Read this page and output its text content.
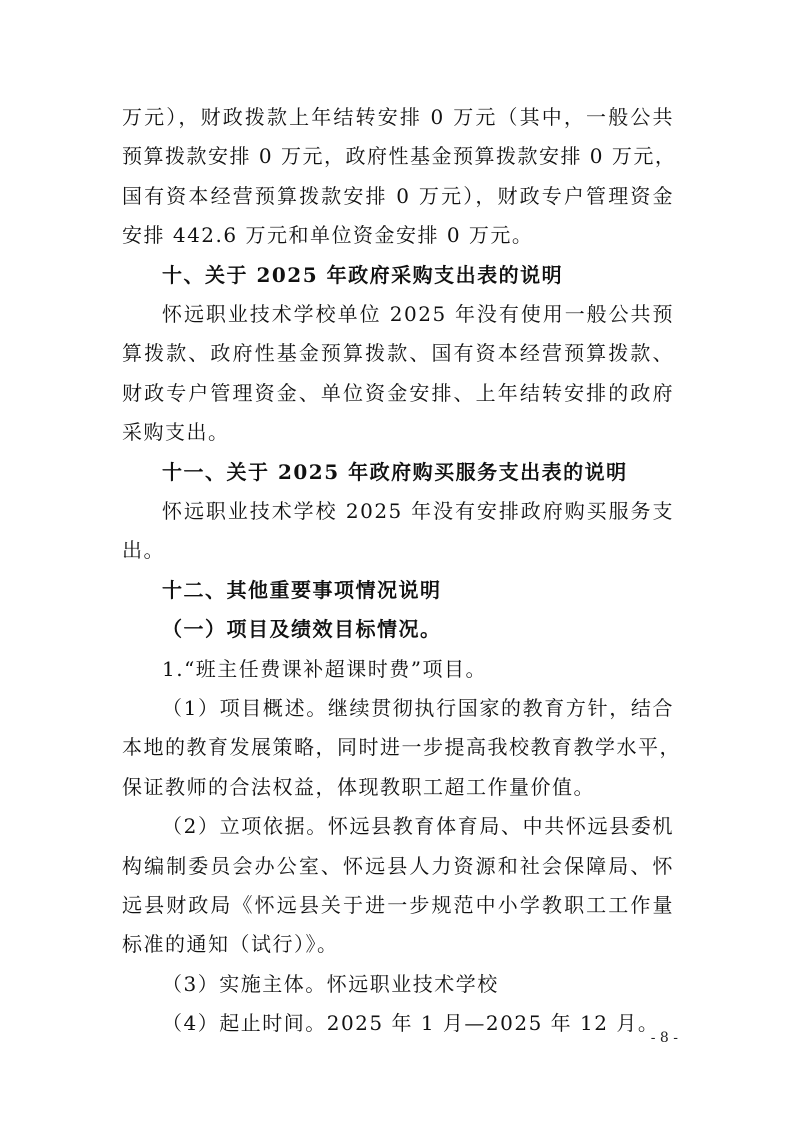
万元），财政拨款上年结转安排 0 万元（其中，一般公共
预算拨款安排 0 万元，政府性基金预算拨款安排 0 万元，
国有资本经营预算拨款安排 0 万元），财政专户管理资金
安排 442.6 万元和单位资金安排 0 万元。
十、关于 2025 年政府采购支出表的说明
怀远职业技术学校单位 2025 年没有使用一般公共预
算拨款、政府性基金预算拨款、国有资本经营预算拨款、
财政专户管理资金、单位资金安排、上年结转安排的政府
采购支出。
十一、关于 2025 年政府购买服务支出表的说明
怀远职业技术学校 2025 年没有安排政府购买服务支
出。
十二、其他重要事项情况说明
（一）项目及绩效目标情况。
1.“班主任费课补超课时费”项目。
（1）项目概述。继续贯彻执行国家的教育方针，结合
本地的教育发展策略，同时进一步提高我校教育教学水平，
保证教师的合法权益，体现教职工超工作量价值。
（2）立项依据。怀远县教育体育局、中共怀远县委机
构编制委员会办公室、怀远县人力资源和社会保障局、怀
远县财政局《怀远县关于进一步规范中小学教职工工作量
标准的通知（试行）》。
（3）实施主体。怀远职业技术学校
（4）起止时间。2025 年 1 月—2025 年 12 月。
- 8 -
